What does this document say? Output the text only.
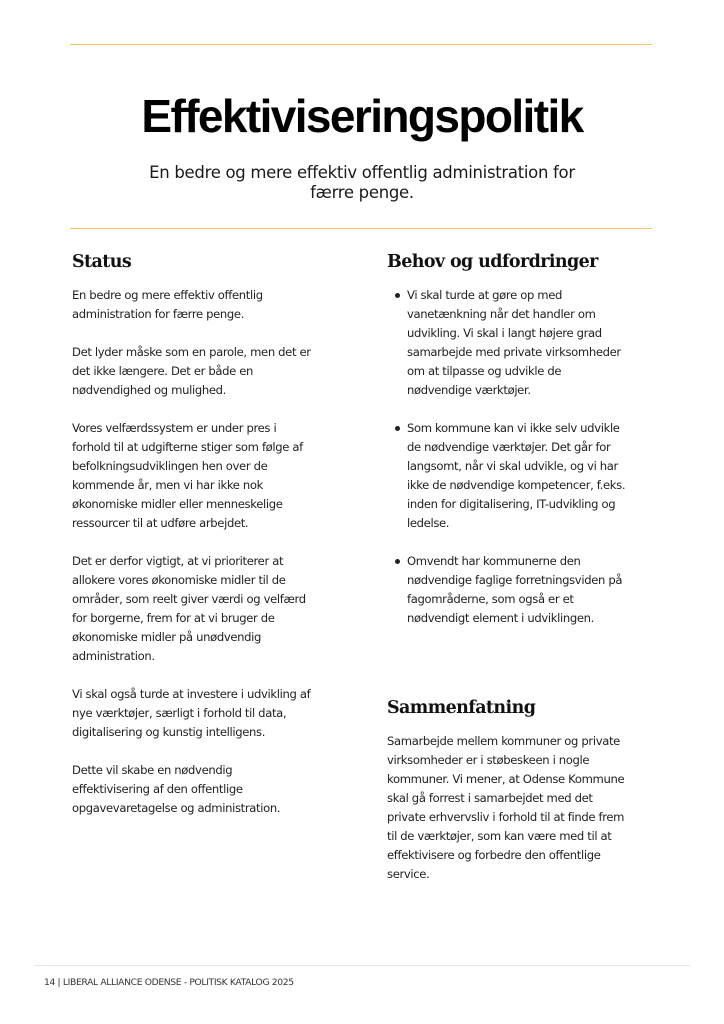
Effektiviseringspolitik
En bedre og mere effektiv offentlig administration for færre penge.
Status

En bedre og mere effektiv offentlig administration for færre penge.

Det lyder måske som en parole, men det er det ikke længere. Det er både en nødvendighed og mulighed.

Vores velfærdssystem er under pres i forhold til at udgifterne stiger som følge af befolkningsudviklingen hen over de kommende år, men vi har ikke nok økonomiske midler eller menneskelige ressourcer til at udføre arbejdet.

Det er derfor vigtigt, at vi prioriterer at allokere vores økonomiske midler til de områder, som reelt giver værdi og velfærd for borgerne, frem for at vi bruger de økonomiske midler på unødvendig administration.

Vi skal også turde at investere i udvikling af nye værktøjer, særligt i forhold til data, digitalisering og kunstig intelligens.

Dette vil skabe en nødvendig effektivisering af den offentlige opgavevaretagelse og administration.

Behov og udfordringer
Vi skal turde at gøre op med vanetænkning når det handler om udvikling. Vi skal i langt højere grad samarbejde med private virksomheder om at tilpasse og udvikle de nødvendige værktøjer.
Som kommune kan vi ikke selv udvikle de nødvendige værktøjer. Det går for langsomt, når vi skal udvikle, og vi har ikke de nødvendige kompetencer, f.eks. inden for digitalisering, IT-udvikling og ledelse.
Omvendt har kommunerne den nødvendige faglige forretningsviden på fagområderne, som også er et nødvendigt element i udviklingen.
Sammenfatning

Samarbejde mellem kommuner og private virksomheder er i støbeskeen i nogle kommuner. Vi mener, at Odense Kommune skal gå forrest i samarbejdet med det private erhvervsliv i forhold til at finde frem til de værktøjer, som kan være med til at effektivisere og forbedre den offentlige service.

14 | LIBERAL ALLIANCE ODENSE - POLITISK KATALOG 2025
